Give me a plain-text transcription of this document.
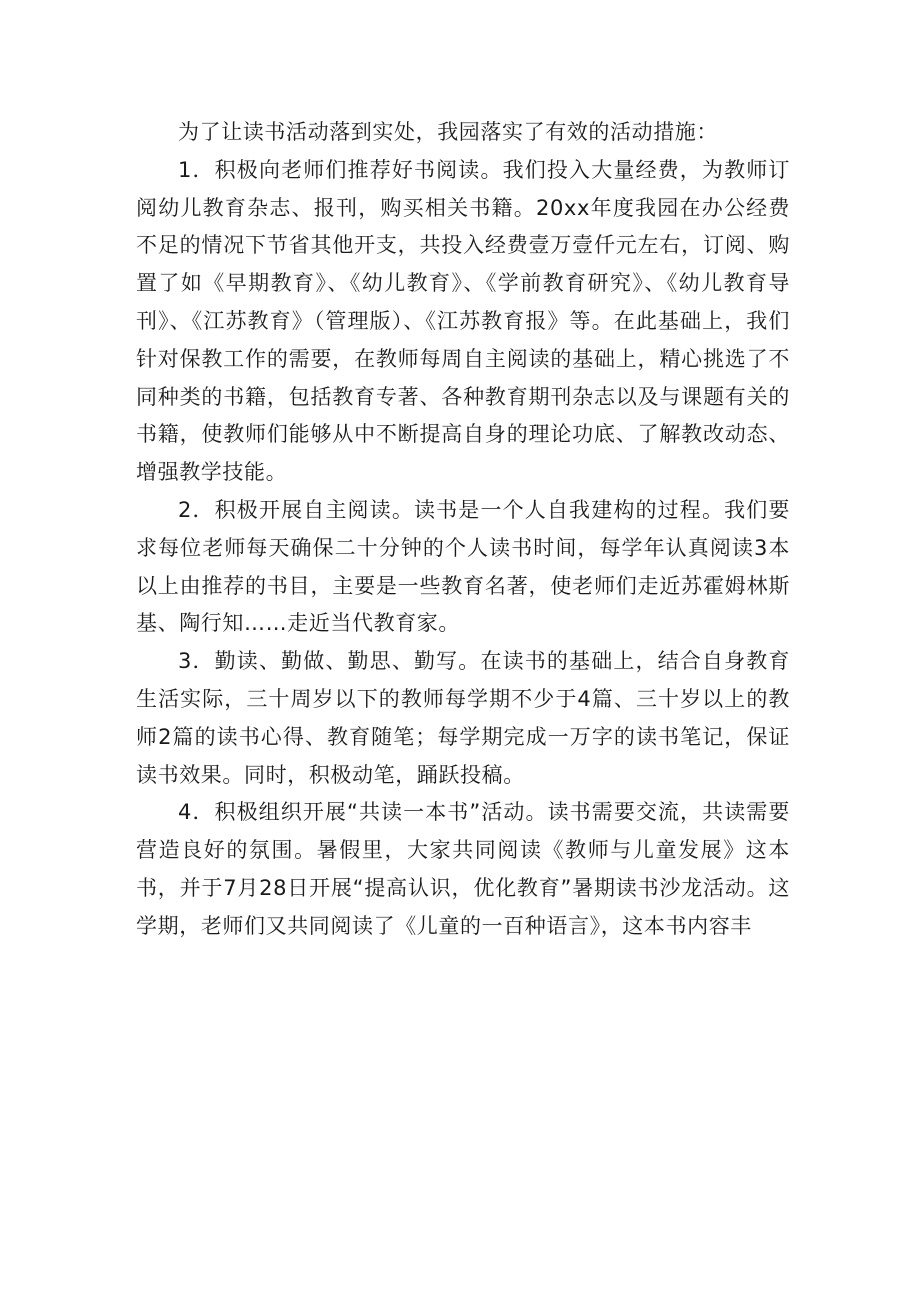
为了让读书活动落到实处，我园落实了有效的活动措施：

1．积极向老师们推荐好书阅读。我们投入大量经费，为教师订阅幼儿教育杂志、报刊，购买相关书籍。20xx年度我园在办公经费不足的情况下节省其他开支，共投入经费壹万壹仟元左右，订阅、购置了如《早期教育》、《幼儿教育》、《学前教育研究》、《幼儿教育导刊》、《江苏教育》（管理版）、《江苏教育报》等。在此基础上，我们针对保教工作的需要，在教师每周自主阅读的基础上，精心挑选了不同种类的书籍，包括教育专著、各种教育期刊杂志以及与课题有关的书籍，使教师们能够从中不断提高自身的理论功底、了解教改动态、增强教学技能。

2．积极开展自主阅读。读书是一个人自我建构的过程。我们要求每位老师每天确保二十分钟的个人读书时间，每学年认真阅读3本以上由推荐的书目，主要是一些教育名著，使老师们走近苏霍姆林斯基、陶行知……走近当代教育家。

3．勤读、勤做、勤思、勤写。在读书的基础上，结合自身教育生活实际，三十周岁以下的教师每学期不少于4篇、三十岁以上的教师2篇的读书心得、教育随笔；每学期完成一万字的读书笔记，保证读书效果。同时，积极动笔，踊跃投稿。

4．积极组织开展“共读一本书”活动。读书需要交流，共读需要营造良好的氛围。暑假里，大家共同阅读《教师与儿童发展》这本书，并于7月28日开展“提高认识，优化教育”暑期读书沙龙活动。这学期，老师们又共同阅读了《儿童的一百种语言》，这本书内容丰
